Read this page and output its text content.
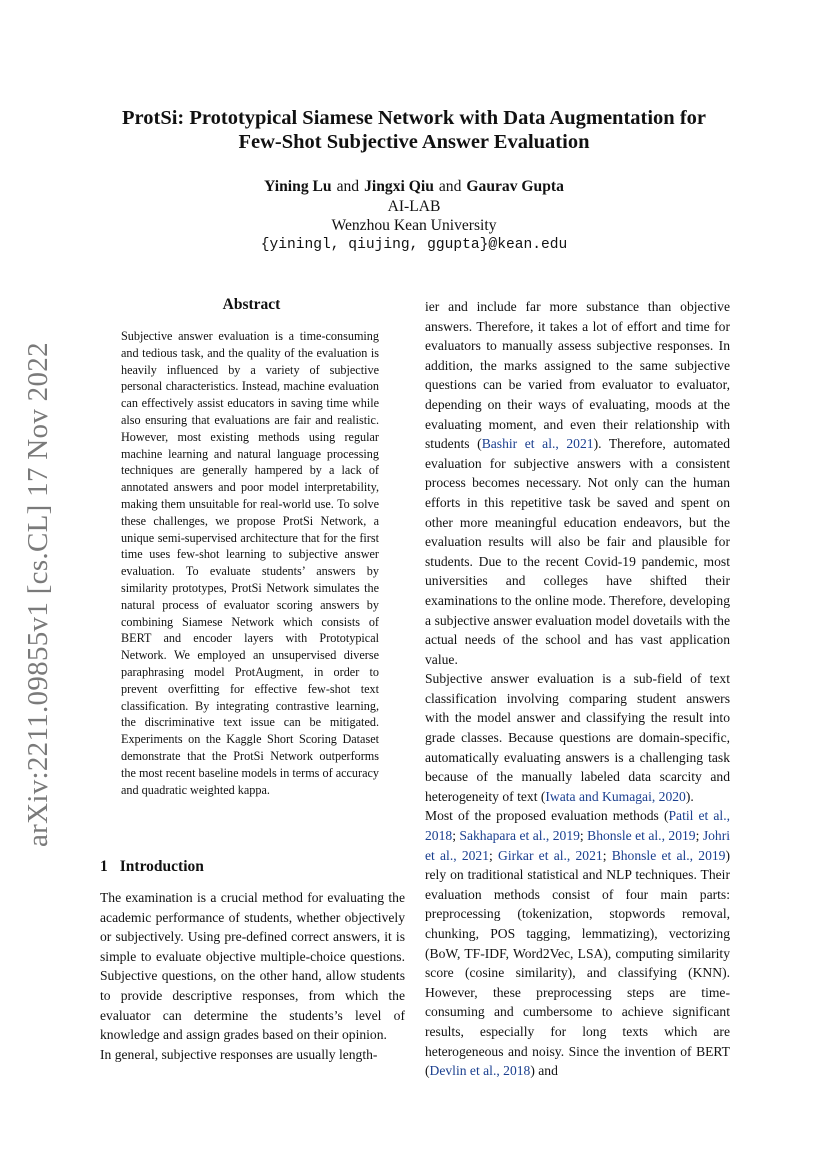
arXiv:2211.09855v1 [cs.CL] 17 Nov 2022
ProtSi: Prototypical Siamese Network with Data Augmentation for
Few-Shot Subjective Answer Evaluation
Yining Lu and Jingxi Qiu and Gaurav Gupta
AI-LAB
Wenzhou Kean University
{yiningl, qiujing, ggupta}@kean.edu
Abstract
Subjective answer evaluation is a time-consuming and tedious task, and the quality of the evaluation is heavily influenced by a variety of subjective personal characteristics. Instead, machine evaluation can effectively assist educators in saving time while also ensuring that evaluations are fair and realistic. However, most existing methods using regular machine learning and natural language processing techniques are generally hampered by a lack of annotated answers and poor model interpretability, making them unsuitable for real-world use. To solve these challenges, we propose ProtSi Network, a unique semi-supervised architecture that for the first time uses few-shot learning to subjective answer evaluation. To evaluate students’ answers by similarity prototypes, ProtSi Network simulates the natural process of evaluator scoring answers by combining Siamese Network which consists of BERT and encoder layers with Prototypical Network. We employed an unsupervised diverse paraphrasing model ProtAugment, in order to prevent overfitting for effective few-shot text classification. By integrating contrastive learning, the discriminative text issue can be mitigated. Experiments on the Kaggle Short Scoring Dataset demonstrate that the ProtSi Network outperforms the most recent baseline models in terms of accuracy and quadratic weighted kappa.
1 Introduction

The examination is a crucial method for evaluating the academic performance of students, whether objectively or subjectively. Using pre-defined correct answers, it is simple to evaluate objective multiple-choice questions. Subjective questions, on the other hand, allow students to provide descriptive responses, from which the evaluator can determine the students’s level of knowledge and assign grades based on their opinion.

In general, subjective responses are usually length-

ier and include far more substance than objective answers. Therefore, it takes a lot of effort and time for evaluators to manually assess subjective responses. In addition, the marks assigned to the same subjective questions can be varied from evaluator to evaluator, depending on their ways of evaluating, moods at the evaluating moment, and even their relationship with students (Bashir et al., 2021). Therefore, automated evaluation for subjective answers with a consistent process becomes necessary. Not only can the human efforts in this repetitive task be saved and spent on other more meaningful education endeavors, but the evaluation results will also be fair and plausible for students. Due to the recent Covid-19 pandemic, most universities and colleges have shifted their examinations to the online mode. Therefore, developing a subjective answer evaluation model dovetails with the actual needs of the school and has vast application value.

Subjective answer evaluation is a sub-field of text classification involving comparing student answers with the model answer and classifying the result into grade classes. Because questions are domain-specific, automatically evaluating answers is a challenging task because of the manually labeled data scarcity and heterogeneity of text (Iwata and Kumagai, 2020).

Most of the proposed evaluation methods (Patil et al., 2018; Sakhapara et al., 2019; Bhonsle et al., 2019; Johri et al., 2021; Girkar et al., 2021; Bhonsle et al., 2019) rely on traditional statistical and NLP techniques. Their evaluation methods consist of four main parts: preprocessing (tokenization, stopwords removal, chunking, POS tagging, lemmatizing), vectorizing (BoW, TF-IDF, Word2Vec, LSA), computing similarity score (cosine similarity), and classifying (KNN). However, these preprocessing steps are time-consuming and cumbersome to achieve significant results, especially for long texts which are heterogeneous and noisy. Since the invention of BERT (Devlin et al., 2018) and
